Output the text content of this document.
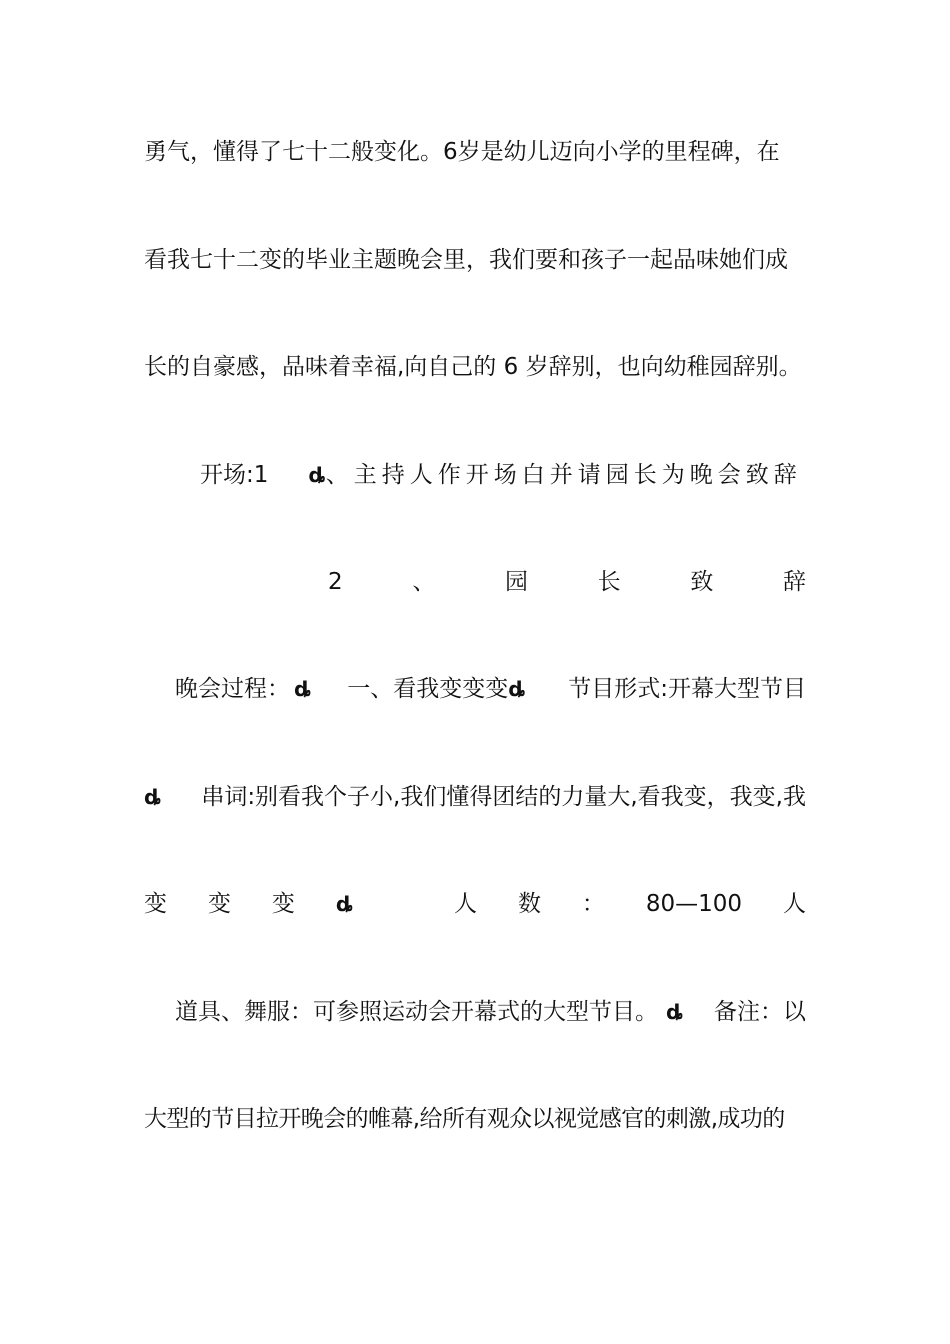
勇气，懂得了七十二般变化。6岁是幼儿迈向小学的里程碑，在
看我七十二变的毕业主题晚会里，我们要和孩子一起品味她们成
长的自豪感，品味着幸福,向自己的 6 岁辞别，也向幼稚园辞别。
开场:1 ȡ 、主持人作开场白并请园长为晚会致辞
2	、	园	长	致	辞
晚会过程： ȡ 一、看我变变变 ȡ 节目形式:开幕大型节目
ȡ 串词:别看我个子小,我们懂得团结的力量大,看我变，我变,我
变 变 变 ȡ	人 数 ： 80—100 人
道具、舞服：可参照运动会开幕式的大型节目。 ȡ 备注：以
大型的节目拉开晚会的帷幕,给所有观众以视觉感官的刺激,成功的
